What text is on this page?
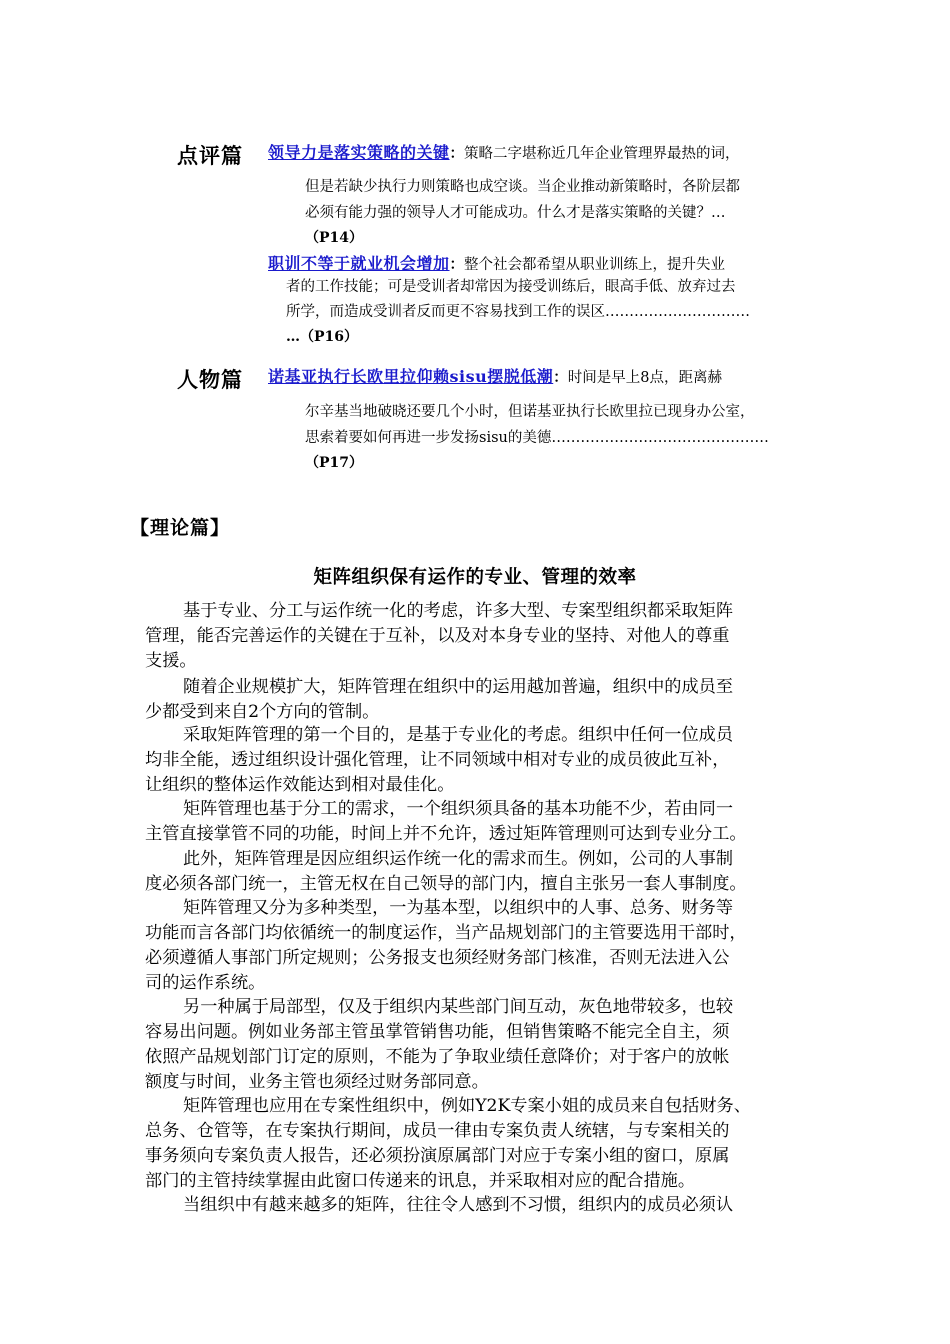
点评篇 领导力是落实策略的关键：策略二字堪称近几年企业管理界最热的词，
但是若缺少执行力则策略也成空谈。当企业推动新策略时，各阶层都
必须有能力强的领导人才可能成功。什么才是落实策略的关键？…
（P14）
职训不等于就业机会增加：整个社会都希望从职业训练上，提升失业
者的工作技能；可是受训者却常因为接受训练后，眼高手低、放弃过去
所学，而造成受训者反而更不容易找到工作的误区…………………………
…（P16）
人物篇 诺基亚执行长欧里拉仰赖sisu摆脱低潮：时间是早上8点，距离赫
尔辛基当地破晓还要几个小时，但诺基亚执行长欧里拉已现身办公室，
思索着要如何再进一步发扬sisu的美德………………………………………
（P17）
【理论篇】
矩阵组织保有运作的专业、管理的效率
基于专业、分工与运作统一化的考虑，许多大型、专案型组织都采取矩阵
管理，能否完善运作的关键在于互补，以及对本身专业的坚持、对他人的尊重
支援。
随着企业规模扩大，矩阵管理在组织中的运用越加普遍，组织中的成员至
少都受到来自2个方向的管制。
采取矩阵管理的第一个目的，是基于专业化的考虑。组织中任何一位成员
均非全能，透过组织设计强化管理，让不同领域中相对专业的成员彼此互补，
让组织的整体运作效能达到相对最佳化。
矩阵管理也基于分工的需求，一个组织须具备的基本功能不少，若由同一
主管直接掌管不同的功能，时间上并不允许，透过矩阵管理则可达到专业分工。
此外，矩阵管理是因应组织运作统一化的需求而生。例如，公司的人事制
度必须各部门统一，主管无权在自己领导的部门内，擅自主张另一套人事制度。
矩阵管理又分为多种类型，一为基本型，以组织中的人事、总务、财务等
功能而言各部门均依循统一的制度运作，当产品规划部门的主管要选用干部时，
必须遵循人事部门所定规则；公务报支也须经财务部门核准，否则无法进入公
司的运作系统。
另一种属于局部型，仅及于组织内某些部门间互动，灰色地带较多，也较
容易出问题。例如业务部主管虽掌管销售功能，但销售策略不能完全自主，须
依照产品规划部门订定的原则，不能为了争取业绩任意降价；对于客户的放帐
额度与时间，业务主管也须经过财务部同意。
矩阵管理也应用在专案性组织中，例如Y2K专案小姐的成员来自包括财务、
总务、仓管等，在专案执行期间，成员一律由专案负责人统辖，与专案相关的
事务须向专案负责人报告，还必须扮演原属部门对应于专案小组的窗口，原属
部门的主管持续掌握由此窗口传递来的讯息，并采取相对应的配合措施。
当组织中有越来越多的矩阵，往往令人感到不习惯，组织内的成员必须认
